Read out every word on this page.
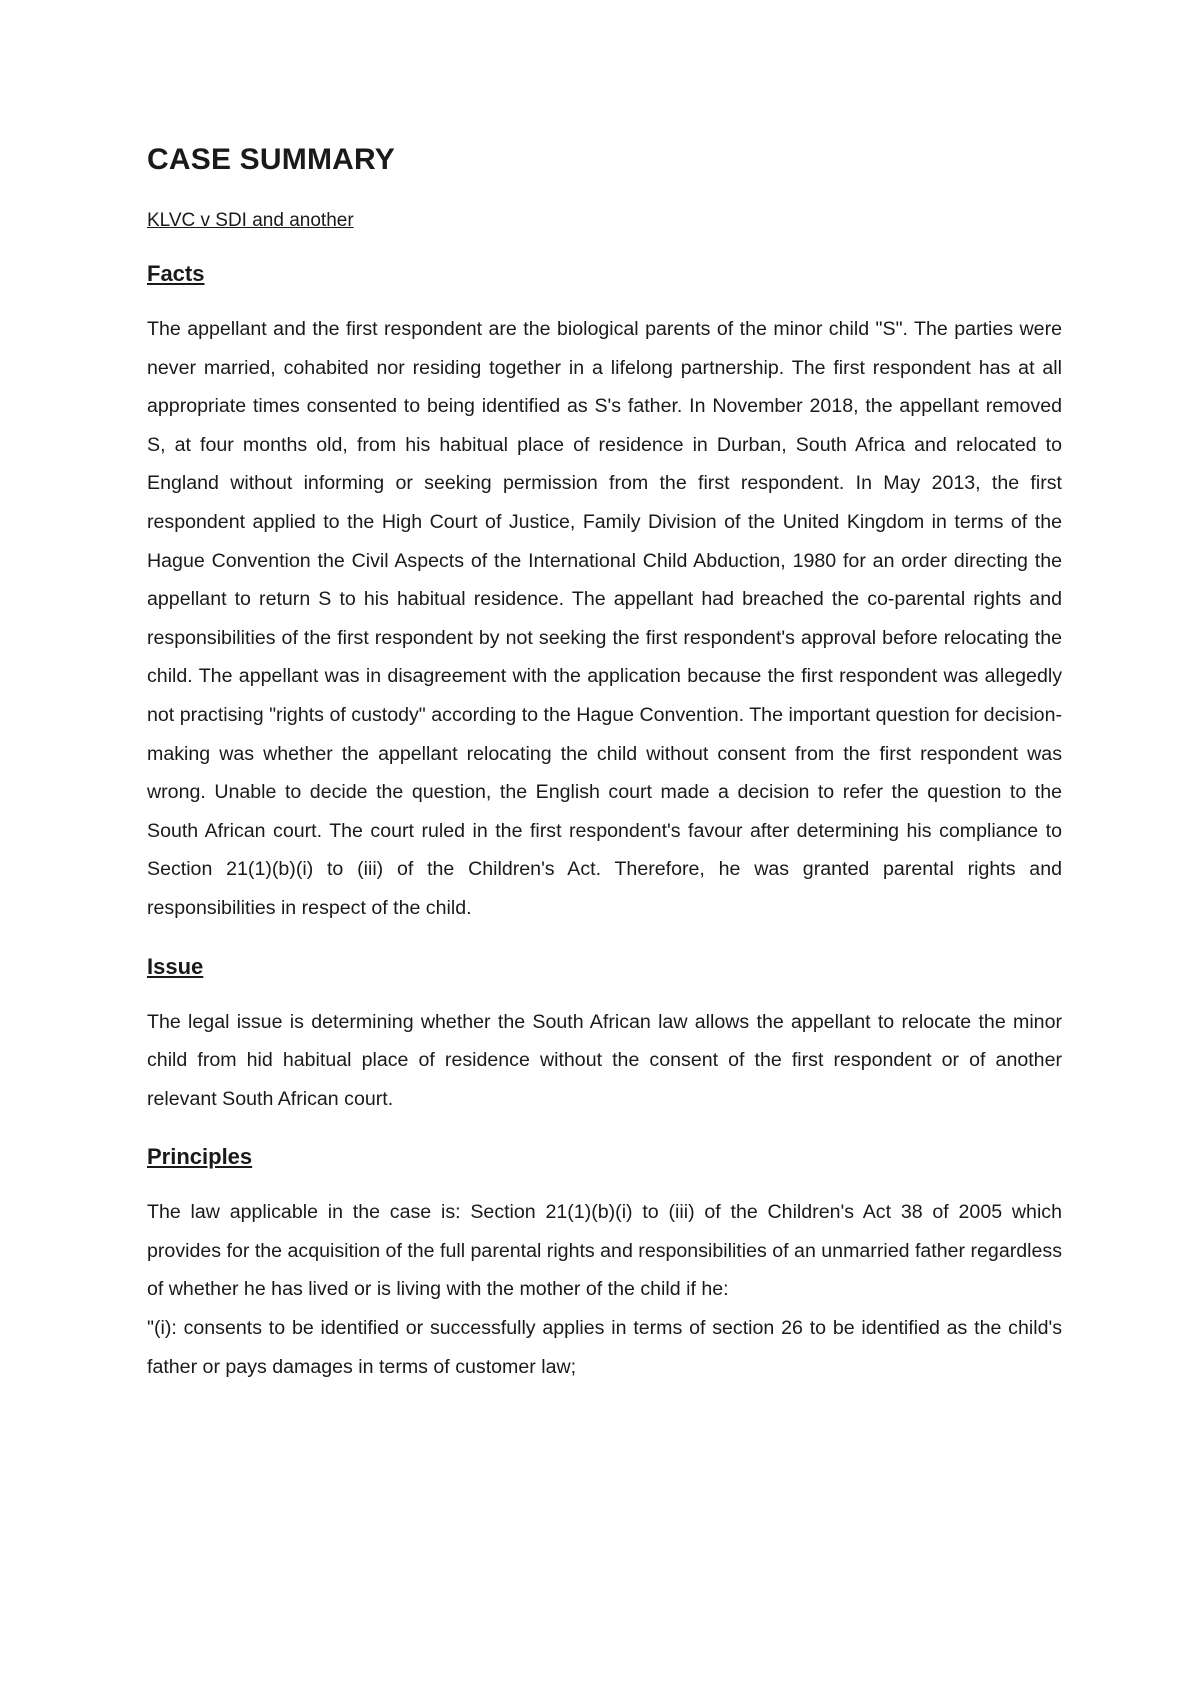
CASE SUMMARY
KLVC v SDI and another
Facts

The appellant and the first respondent are the biological parents of the minor child "S". The parties were never married, cohabited nor residing together in a lifelong partnership. The first respondent has at all appropriate times consented to being identified as S's father. In November 2018, the appellant removed S, at four months old, from his habitual place of residence in Durban, South Africa and relocated to England without informing or seeking permission from the first respondent. In May 2013, the first respondent applied to the High Court of Justice, Family Division of the United Kingdom in terms of the Hague Convention the Civil Aspects of the International Child Abduction, 1980 for an order directing the appellant to return S to his habitual residence. The appellant had breached the co-parental rights and responsibilities of the first respondent by not seeking the first respondent's approval before relocating the child. The appellant was in disagreement with the application because the first respondent was allegedly not practising "rights of custody" according to the Hague Convention. The important question for decision-making was whether the appellant relocating the child without consent from the first respondent was wrong. Unable to decide the question, the English court made a decision to refer the question to the South African court. The court ruled in the first respondent's favour after determining his compliance to Section 21(1)(b)(i) to (iii) of the Children's Act. Therefore, he was granted parental rights and responsibilities in respect of the child.

Issue

The legal issue is determining whether the South African law allows the appellant to relocate the minor child from hid habitual place of residence without the consent of the first respondent or of another relevant South African court.

Principles

The law applicable in the case is: Section 21(1)(b)(i) to (iii) of the Children's Act 38 of 2005 which provides for the acquisition of the full parental rights and responsibilities of an unmarried father regardless of whether he has lived or is living with the mother of the child if he:

"(i): consents to be identified or successfully applies in terms of section 26 to be identified as the child's father or pays damages in terms of customer law;
